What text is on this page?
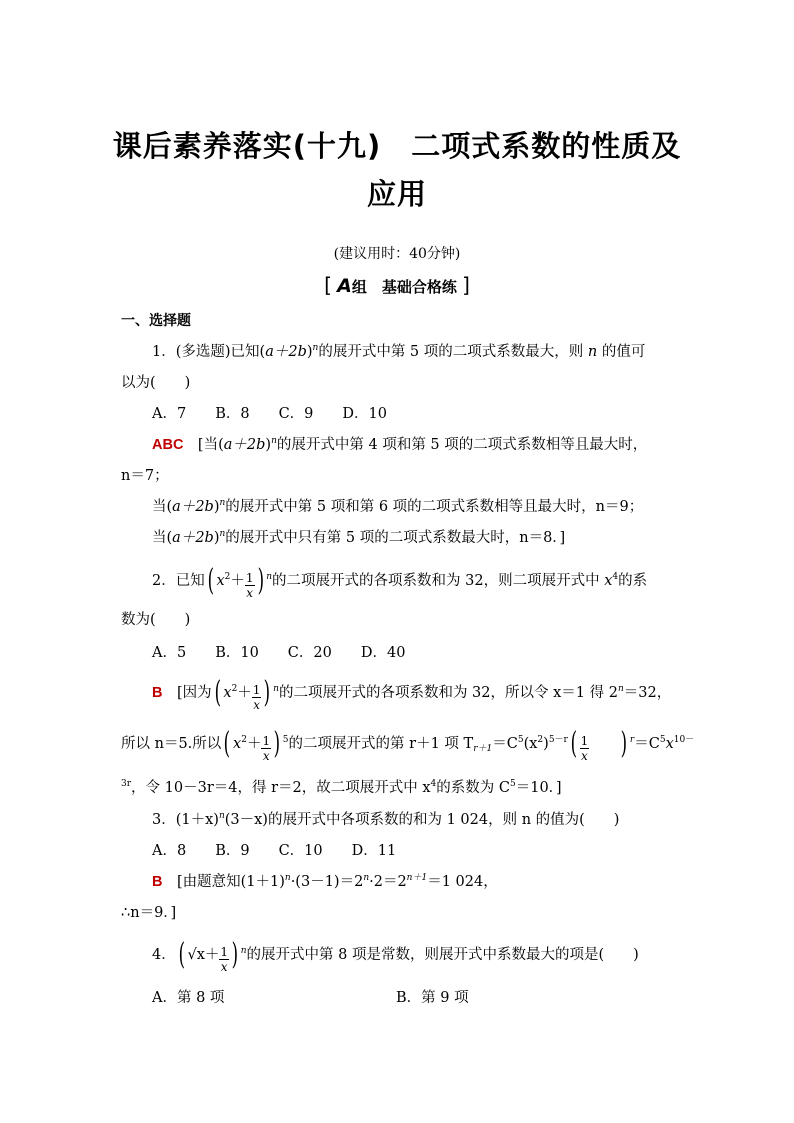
课后素养落实(十九)　二项式系数的性质及
应用
(建议用时：40分钟)
[ A组　基础合格练 ]
一、选择题
1．(多选题)已知$(a+2b)^n$的展开式中第 5 项的二项式系数最大，则 n 的值可
以为(　　)
A．7　　B．8　　C．9　　D．10
ABC　 [当$(a+2b)^n$的展开式中第 4 项和第 5 项的二项式系数相等且最大时，
n＝7；
当$(a+2b)^n$的展开式中第 5 项和第 6 项的二项式系数相等且最大时，n＝9；
当$(a+2b)^n$的展开式中只有第 5 项的二项式系数最大时，n＝8．]
2．已知( $x^2+ \frac{1}{x}$ ) $^n$的二项展开式的各项系数和为 32，则二项展开式中 $x^4$的系
数为(　　)
A．5　　B．10　　C．20　　D．40
B　 [因为( $x^2+ \frac{1}{x}$ ) $^n$的二项展开式的各项系数和为 32，所以令 x＝1 得 $2^n=32$，
所以 n＝5.所以( $x^2+ \frac{1}{x}$ ) $^5$的二项展开式的第 r＋1 项 $T_{r+1}=C^5(x^2)^{5-r}( \frac{1}{x}$
　　 ) $^r=C^5x^{10-}$
$^{3r}$，令 10－3r＝4，得 r＝2，故二项展开式中 $x^4$的系数为 $C^5=10$．]
3．$(1+x)^n(3-x)$的展开式中各项系数的和为 1 024，则 n 的值为(　　)
A．8　　B．9　　C．10　　D．11
B　 [由题意知$(1+1)^n\cdot(3-1)=2^n\cdot 2=2^{n+1}=1$ 024，
∴n＝9．]
4．( $√x+ \frac{1}{x}$ ) $^n$的展开式中第 8 项是常数，则展开式中系数最大的项是(　　)
A．第 8 项	B．第 9 项
